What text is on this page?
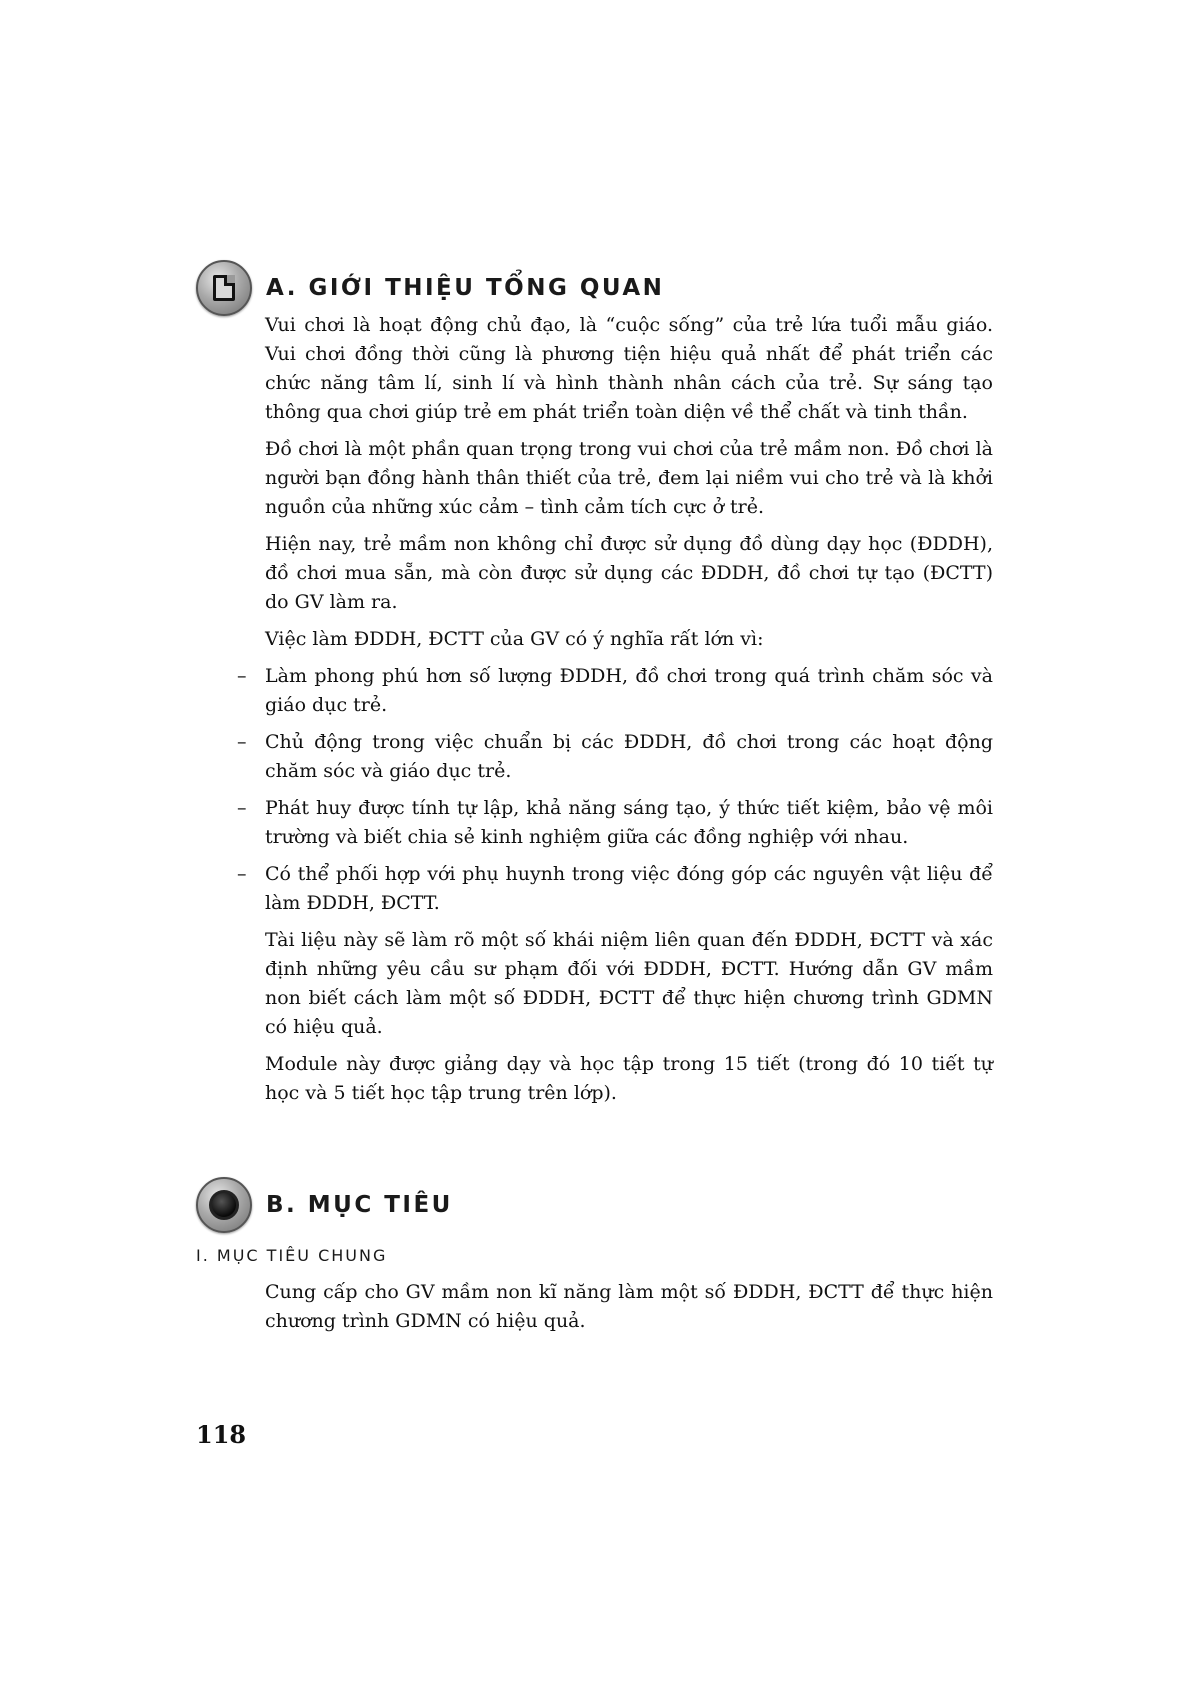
A. GIỚI THIỆU TỔNG QUAN

Vui chơi là hoạt động chủ đạo, là “cuộc sống” của trẻ lứa tuổi mẫu giáo. Vui chơi đồng thời cũng là phương tiện hiệu quả nhất để phát triển các chức năng tâm lí, sinh lí và hình thành nhân cách của trẻ. Sự sáng tạo thông qua chơi giúp trẻ em phát triển toàn diện về thể chất và tinh thần.

Đồ chơi là một phần quan trọng trong vui chơi của trẻ mầm non. Đồ chơi là người bạn đồng hành thân thiết của trẻ, đem lại niềm vui cho trẻ và là khởi nguồn của những xúc cảm – tình cảm tích cực ở trẻ.

Hiện nay, trẻ mầm non không chỉ được sử dụng đồ dùng dạy học (ĐDDH), đồ chơi mua sẵn, mà còn được sử dụng các ĐDDH, đồ chơi tự tạo (ĐCTT) do GV làm ra.

Việc làm ĐDDH, ĐCTT của GV có ý nghĩa rất lớn vì:

– Làm phong phú hơn số lượng ĐDDH, đồ chơi trong quá trình chăm sóc và giáo dục trẻ.
– Chủ động trong việc chuẩn bị các ĐDDH, đồ chơi trong các hoạt động chăm sóc và giáo dục trẻ.
– Phát huy được tính tự lập, khả năng sáng tạo, ý thức tiết kiệm, bảo vệ môi trường và biết chia sẻ kinh nghiệm giữa các đồng nghiệp với nhau.
– Có thể phối hợp với phụ huynh trong việc đóng góp các nguyên vật liệu để làm ĐDDH, ĐCTT.

Tài liệu này sẽ làm rõ một số khái niệm liên quan đến ĐDDH, ĐCTT và xác định những yêu cầu sư phạm đối với ĐDDH, ĐCTT. Hướng dẫn GV mầm non biết cách làm một số ĐDDH, ĐCTT để thực hiện chương trình GDMN có hiệu quả.

Module này được giảng dạy và học tập trong 15 tiết (trong đó 10 tiết tự học và 5 tiết học tập trung trên lớp).

B. MỤC TIÊU
I. MỤC TIÊU CHUNG

Cung cấp cho GV mầm non kĩ năng làm một số ĐDDH, ĐCTT để thực hiện chương trình GDMN có hiệu quả.

118
